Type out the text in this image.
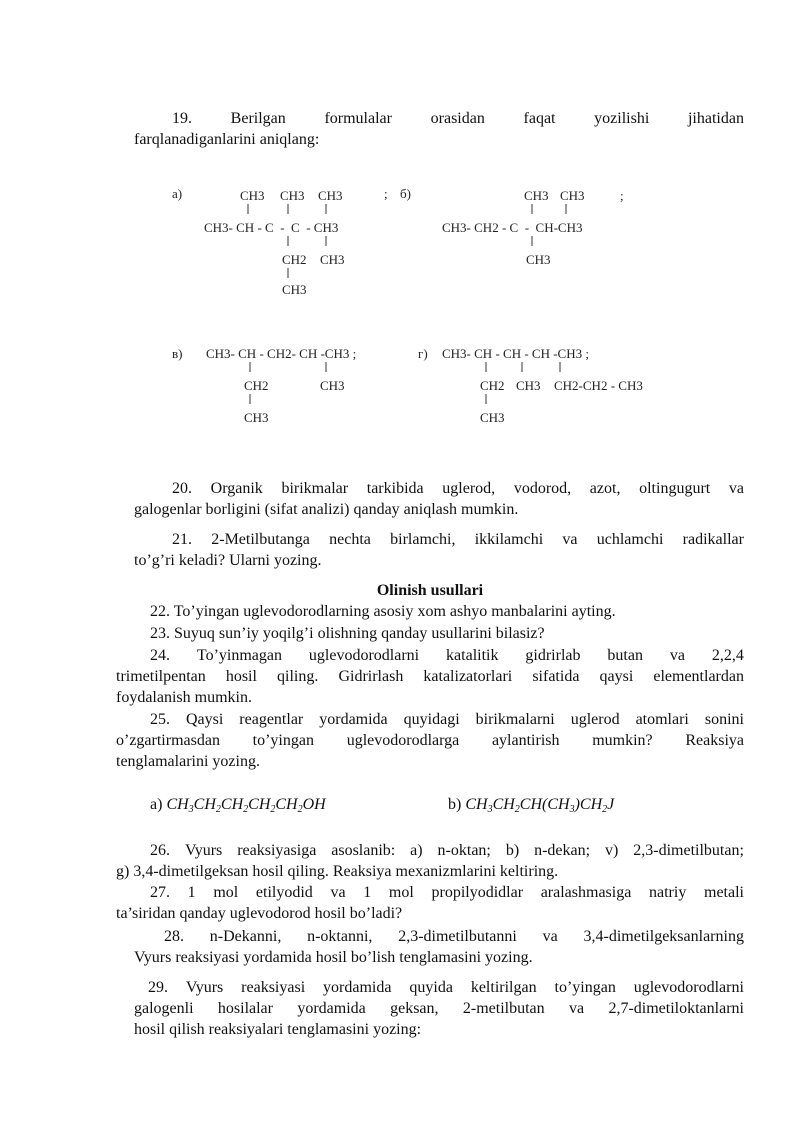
19. Berilgan formulalar orasidan faqat yozilishi jihatidan
farqlanadiganlarini aniqlang:
a)	CH3 CH3 CH3	;
CH3- CH - C  -  C  - CH3
CH2 CH3
CH3
б)	CH3 CH3	;
CH3- CH2 - C  -  CH-CH3
CH3
в) CH3- CH - CH2- CH -CH3 ;
CH2	CH3
CH3
г) CH3- CH - CH - CH -CH3 ;
CH2 CH3 CH2-CH2 - CH3
CH3
20. Organik birikmalar tarkibida uglerod, vodorod, azot, oltingugurt va
galogenlar borligini (sifat analizi) qanday aniqlash mumkin.
21. 2-Metilbutanga nechta birlamchi, ikkilamchi va uchlamchi radikallar
to’g’ri keladi? Ularni yozing.
Olinish usullari
22. To’yingan uglevodorodlarning asosiy xom ashyo manbalarini ayting.
23. Suyuq sun’iy yoqilg’i olishning qanday usullarini bilasiz?
24. To’yinmagan uglevodorodlarni katalitik gidrirlab butan va 2,2,4
trimetilpentan hosil qiling. Gidrirlash katalizatorlari sifatida qaysi elementlardan
foydalanish mumkin.
25. Qaysi reagentlar yordamida quyidagi birikmalarni uglerod atomlari sonini
o’zgartirmasdan to’yingan uglevodorodlarga aylantirish mumkin? Reaksiya
tenglamalarini yozing.
a) $CH_3CH_2CH_2CH_2CH_2OH$	b) $CH_3CH_2CH(CH_3)CH_2J$
26. Vyurs reaksiyasiga asoslanib: a) n-oktan; b) n-dekan; v) 2,3-dimetilbutan;
g) 3,4-dimetilgeksan hosil qiling. Reaksiya mexanizmlarini keltiring.
27. 1 mol etilyodid va 1 mol propilyodidlar aralashmasiga natriy metali
ta’siridan qanday uglevodorod hosil bo’ladi?
28. n-Dekanni, n-oktanni, 2,3-dimetilbutanni va 3,4-dimetilgeksanlarning
Vyurs reaksiyasi yordamida hosil bo’lish tenglamasini yozing.
29. Vyurs reaksiyasi yordamida quyida keltirilgan to’yingan uglevodorodlarni
galogenli hosilalar yordamida geksan, 2-metilbutan va 2,7-dimetiloktanlarni
hosil qilish reaksiyalari tenglamasini yozing:
